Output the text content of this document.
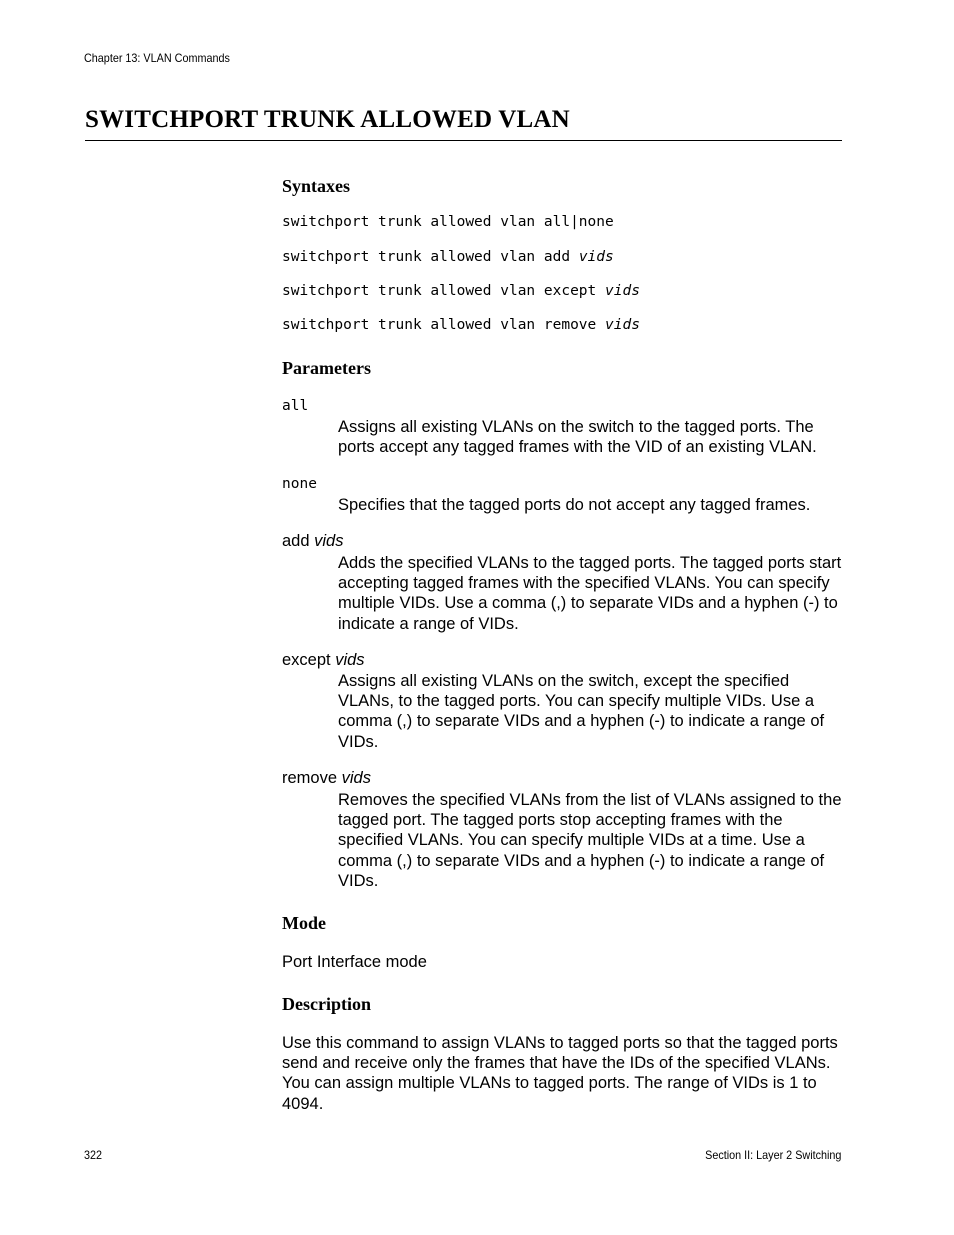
Chapter 13: VLAN Commands
SWITCHPORT TRUNK ALLOWED VLAN
Syntaxes
switchport trunk allowed vlan all|none
switchport trunk allowed vlan add vids
switchport trunk allowed vlan except vids
switchport trunk allowed vlan remove vids
Parameters
all
Assigns all existing VLANs on the switch to the tagged ports. The ports accept any tagged frames with the VID of an existing VLAN.
none
Specifies that the tagged ports do not accept any tagged frames.
add vids
Adds the specified VLANs to the tagged ports. The tagged ports start accepting tagged frames with the specified VLANs. You can specify multiple VIDs. Use a comma (,) to separate VIDs and a hyphen (-) to indicate a range of VIDs.
except vids
Assigns all existing VLANs on the switch, except the specified VLANs, to the tagged ports. You can specify multiple VIDs. Use a comma (,) to separate VIDs and a hyphen (-) to indicate a range of VIDs.
remove vids
Removes the specified VLANs from the list of VLANs assigned to the tagged port. The tagged ports stop accepting frames with the specified VLANs. You can specify multiple VIDs at a time. Use a comma (,) to separate VIDs and a hyphen (-) to indicate a range of VIDs.
Mode
Port Interface mode
Description
Use this command to assign VLANs to tagged ports so that the tagged ports send and receive only the frames that have the IDs of the specified VLANs. You can assign multiple VLANs to tagged ports. The range of VIDs is 1 to 4094.
322	Section II: Layer 2 Switching
